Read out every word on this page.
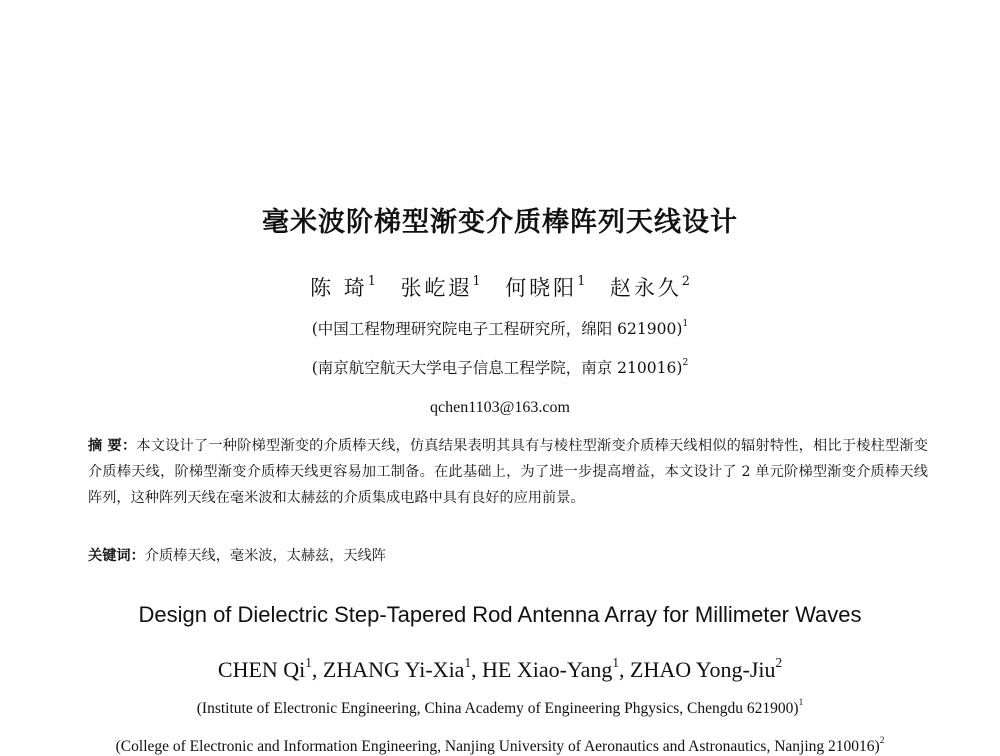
毫米波阶梯型渐变介质棒阵列天线设计
陈 琦$^1$ 张屹遐$^1$ 何晓阳$^1$ 赵永久$^2$
(中国工程物理研究院电子工程研究所，绵阳 621900)$^1$
(南京航空航天大学电子信息工程学院，南京 210016)$^2$
qchen1103@163.com
摘 要：本文设计了一种阶梯型渐变的介质棒天线，仿真结果表明其具有与棱柱型渐变介质棒天线相似的辐射特性，相比于棱柱型渐变介质棒天线，阶梯型渐变介质棒天线更容易加工制备。在此基础上，为了进一步提高增益，本文设计了 2 单元阶梯型渐变介质棒天线阵列，这种阵列天线在毫米波和太赫兹的介质集成电路中具有良好的应用前景。
关键词：介质棒天线，毫米波，太赫兹，天线阵
Design of Dielectric Step-Tapered Rod Antenna Array for Millimeter Waves
CHEN Qi$^1$, ZHANG Yi-Xia$^1$, HE Xiao-Yang$^1$, ZHAO Yong-Jiu$^2$
(Institute of Electronic Engineering, China Academy of Engineering Phgysics, Chengdu 621900)$^1$
(College of Electronic and Information Engineering, Nanjing University of Aeronautics and Astronautics, Nanjing 210016)$^2$
